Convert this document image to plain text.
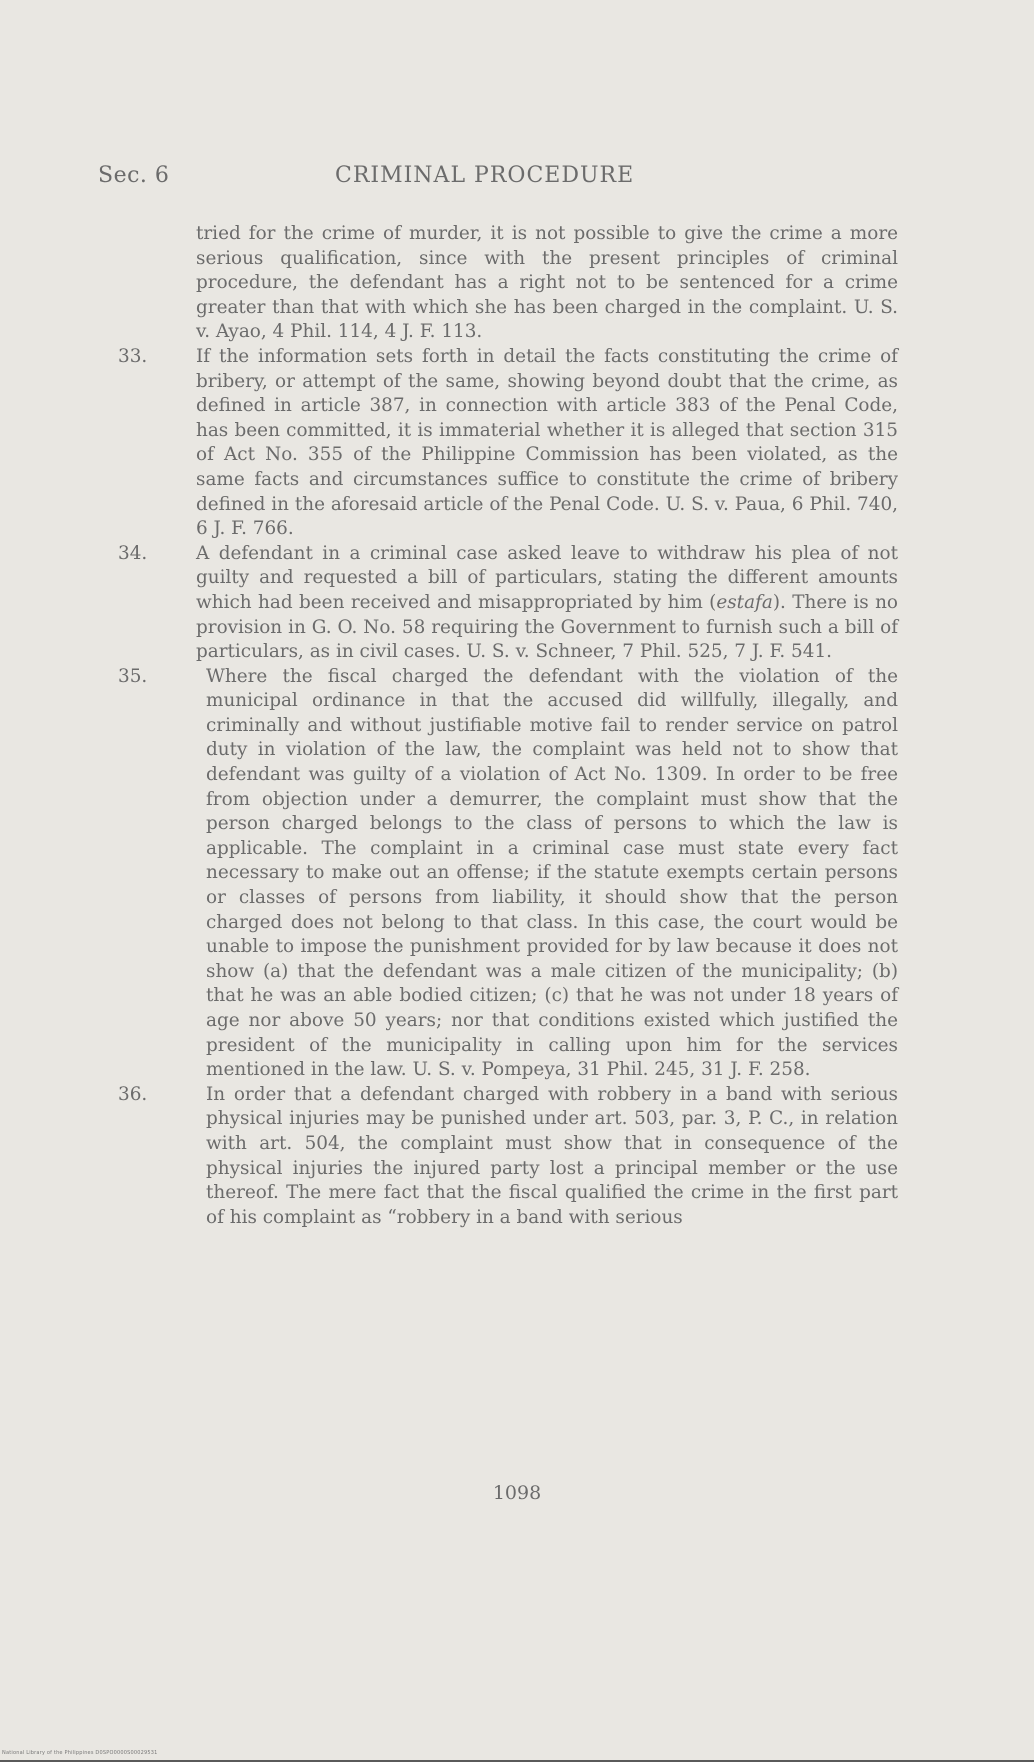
Sec. 6	CRIMINAL PROCEDURE

tried for the crime of murder, it is not possible to give the crime a more serious qualification, since with the present principles of criminal procedure, the defendant has a right not to be sentenced for a crime greater than that with which she has been charged in the complaint. U. S. v. Ayao, 4 Phil. 114, 4 J. F. 113.

33.	If the information sets forth in detail the facts constituting the crime of bribery, or attempt of the same, showing beyond doubt that the crime, as defined in article 387, in connection with article 383 of the Penal Code, has been committed, it is immaterial whether it is alleged that section 315 of Act No. 355 of the Philippine Commission has been violated, as the same facts and circumstances suffice to constitute the crime of bribery defined in the aforesaid article of the Penal Code. U. S. v. Paua, 6 Phil. 740, 6 J. F. 766.

34.	A defendant in a criminal case asked leave to withdraw his plea of not guilty and requested a bill of particulars, stating the different amounts which had been received and misappropriated by him (estafa). There is no provision in G. O. No. 58 requiring the Government to furnish such a bill of particulars, as in civil cases. U. S. v. Schneer, 7 Phil. 525, 7 J. F. 541.

35.	Where the fiscal charged the defendant with the violation of the municipal ordinance in that the accused did willfully, illegally, and criminally and without justifiable motive fail to render service on patrol duty in violation of the law, the complaint was held not to show that defendant was guilty of a violation of Act No. 1309. In order to be free from objection under a demurrer, the complaint must show that the person charged belongs to the class of persons to which the law is applicable. The complaint in a criminal case must state every fact necessary to make out an offense; if the statute exempts certain persons or classes of persons from liability, it should show that the person charged does not belong to that class. In this case, the court would be unable to impose the punishment provided for by law because it does not show (a) that the defendant was a male citizen of the municipality; (b) that he was an able bodied citizen; (c) that he was not under 18 years of age nor above 50 years; nor that conditions existed which justified the president of the municipality in calling upon him for the services mentioned in the law. U. S. v. Pompeya, 31 Phil. 245, 31 J. F. 258.

36.	In order that a defendant charged with robbery in a band with serious physical injuries may be punished under art. 503, par. 3, P. C., in relation with art. 504, the complaint must show that in consequence of the physical injuries the injured party lost a principal member or the use thereof. The mere fact that the fiscal qualified the crime in the first part of his complaint as “robbery in a band with serious

1098
National Library of the Philippines D0SPO0000S00029531
